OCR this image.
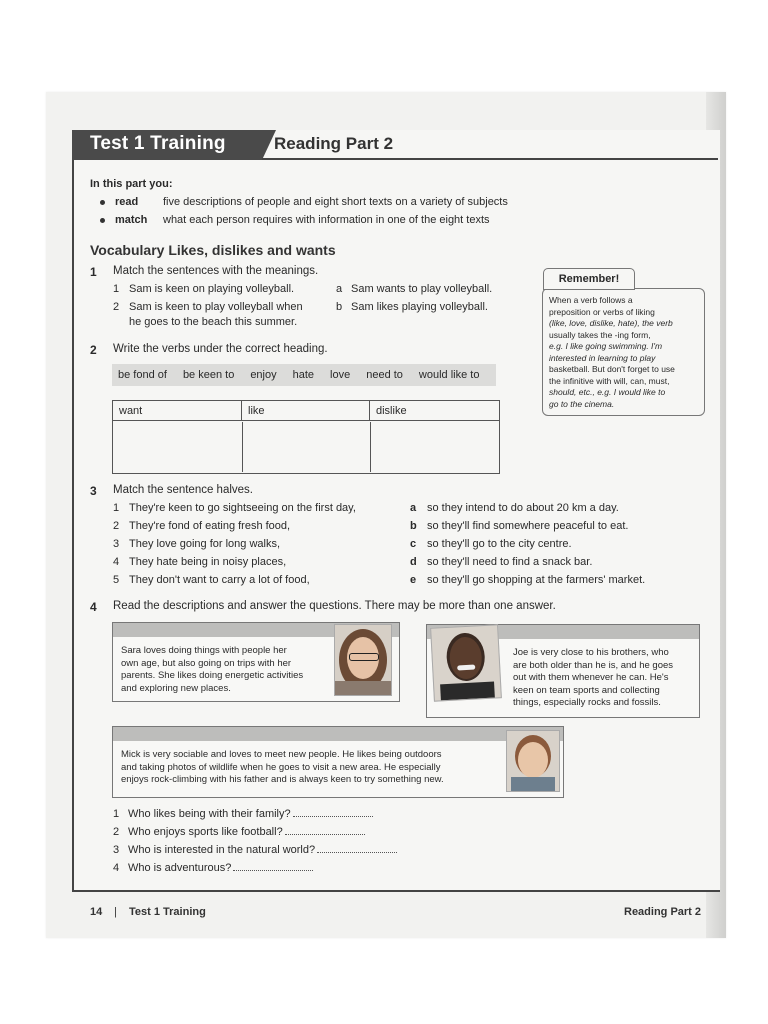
Test 1 Training	Reading Part 2
In this part you:
read five descriptions of people and eight short texts on a variety of subjects
match what each person requires with information in one of the eight texts
Vocabulary Likes, dislikes and wants
1 Match the sentences with the meanings.
1 Sam is keen on playing volleyball.
2 Sam is keen to play volleyball when
he goes to the beach this summer.
a Sam wants to play volleyball.
b Sam likes playing volleyball.
When a verb follows a
preposition or verbs of liking
(like, love, dislike, hate), the verb
usually takes the -ing form,
e.g. I like going swimming. I'm
interested in learning to play
basketball. But don't forget to use
the infinitive with will, can, must,
should, etc., e.g. I would like to
go to the cinema.
Remember!
2 Write the verbs under the correct heading.
be fond of be keen to enjoy hate love need to would like to
want	like	dislike
3 Match the sentence halves.
1 They're keen to go sightseeing on the first day,
2 They're fond of eating fresh food,
3 They love going for long walks,
4 They hate being in noisy places,
5 They don't want to carry a lot of food,
a so they intend to do about 20 km a day.
b so they'll find somewhere peaceful to eat.
c so they'll go to the city centre.
d so they'll need to find a snack bar.
e so they'll go shopping at the farmers' market.
4 Read the descriptions and answer the questions. There may be more than one answer.
Sara loves doing things with people her
own age, but also going on trips with her
parents. She likes doing energetic activities
and exploring new places.
Joe is very close to his brothers, who
are both older than he is, and he goes
out with them whenever he can. He's
keen on team sports and collecting
things, especially rocks and fossils.
Mick is very sociable and loves to meet new people. He likes being outdoors
and taking photos of wildlife when he goes to visit a new area. He especially
enjoys rock-climbing with his father and is always keen to try something new.
1 Who likes being with their family?
2 Who enjoys sports like football?
3 Who is interested in the natural world?
4 Who is adventurous?
14 | Test 1 Training	Reading Part 2
